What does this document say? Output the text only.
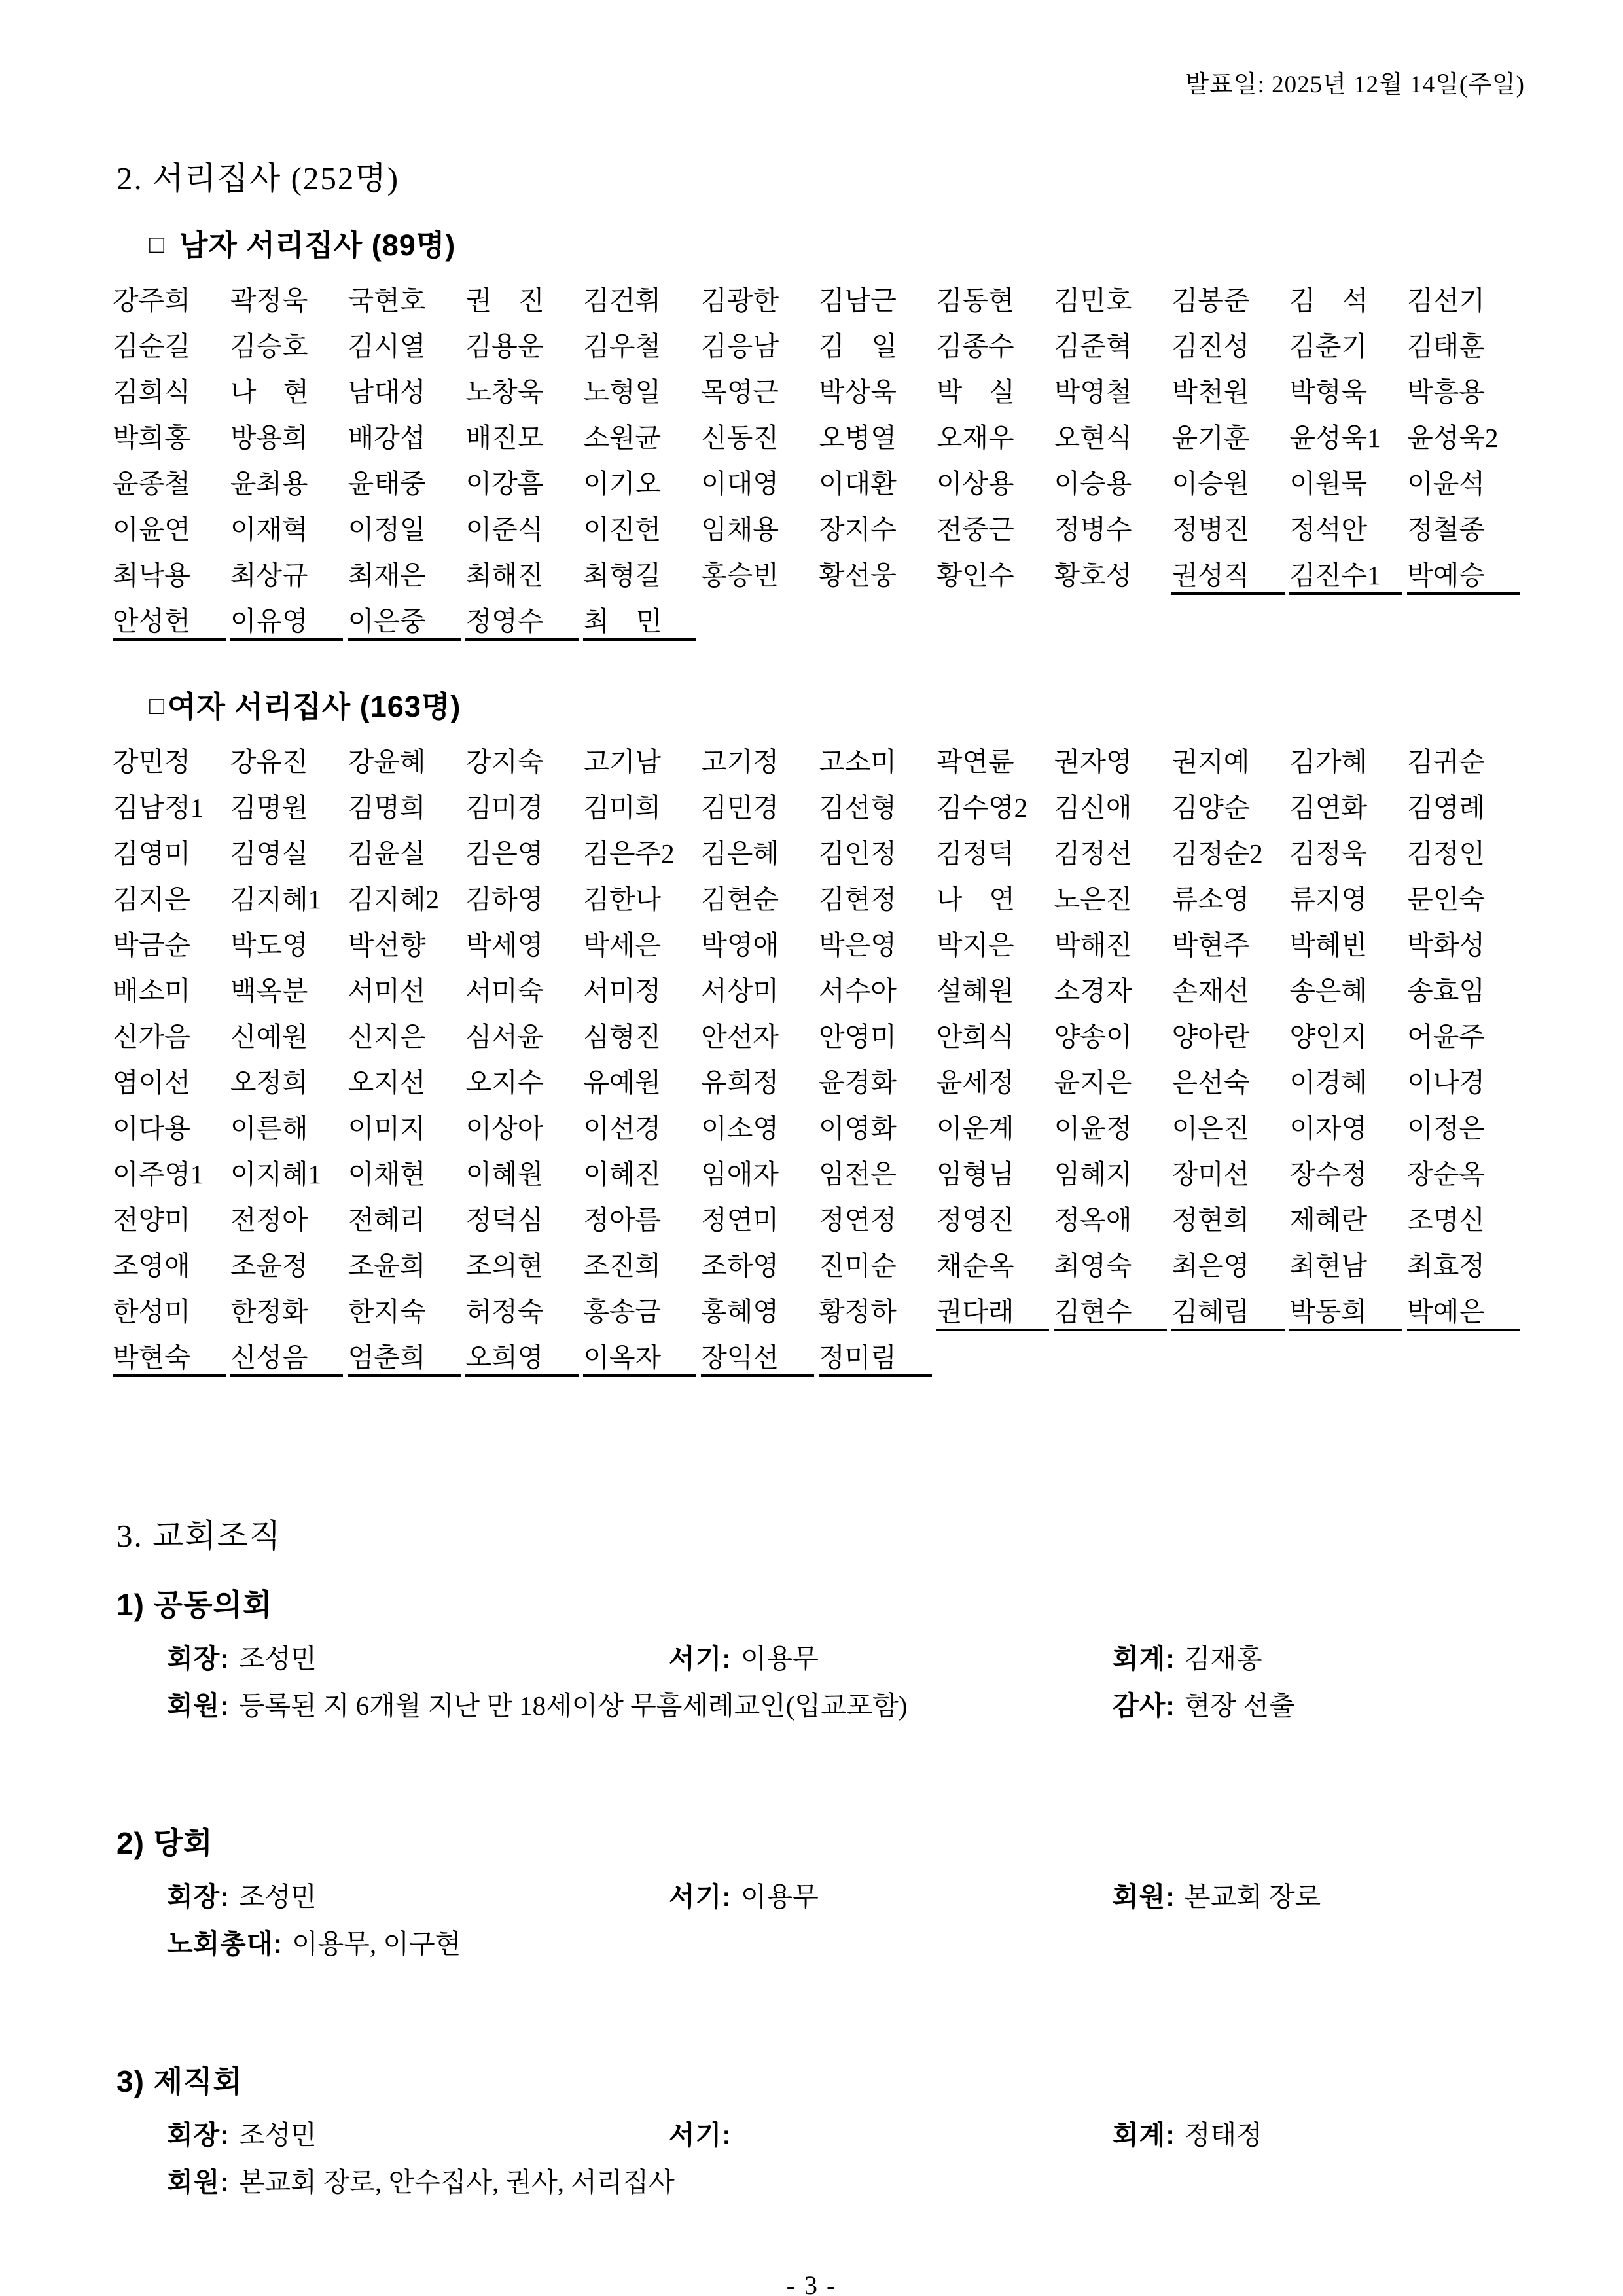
발표일: 2025년 12월 14일(주일)
2. 서리집사 (252명)
□ 남자 서리집사 (89명)
강주희	곽정욱	국현호	권　진	김건휘	김광한	김남근	김동현	김민호	김봉준	김　석	김선기
김순길	김승호	김시열	김용운	김우철	김응남	김　일	김종수	김준혁	김진성	김춘기	김태훈
김희식	나　현	남대성	노창욱	노형일	목영근	박상욱	박　실	박영철	박천원	박형욱	박흥용
박희홍	방용희	배강섭	배진모	소원균	신동진	오병열	오재우	오현식	윤기훈	윤성욱1 윤성욱2
윤종철	윤최용	윤태중	이강흠	이기오	이대영	이대환	이상용	이승용	이승원	이원묵	이윤석
이윤연	이재혁	이정일	이준식	이진헌	임채용	장지수	전중근	정병수	정병진	정석안	정철종
최낙용	최상규	최재은	최해진	최형길	홍승빈	황선웅	황인수	황호성	권성직	김진수1 박예승
안성헌	이유영	이은중	정영수	최　민
□여자 서리집사 (163명)
강민정	강유진	강윤혜	강지숙	고기남	고기정	고소미	곽연륜	권자영	권지예	김가혜	김귀순
김남정1 김명원	김명희	김미경	김미희	김민경	김선형	김수영2 김신애	김양순	김연화	김영례
김영미	김영실	김윤실	김은영	김은주2 김은혜	김인정	김정덕	김정선	김정순2 김정욱	김정인
김지은	김지혜1 김지혜2 김하영	김한나	김현순	김현정	나　연	노은진	류소영	류지영	문인숙
박금순	박도영	박선향	박세영	박세은	박영애	박은영	박지은	박해진	박현주	박혜빈	박화성
배소미	백옥분	서미선	서미숙	서미정	서상미	서수아	설혜원	소경자	손재선	송은혜	송효임
신가음	신예원	신지은	심서윤	심형진	안선자	안영미	안희식	양송이	양아란	양인지	어윤주
염이선	오정희	오지선	오지수	유예원	유희정	윤경화	윤세정	윤지은	은선숙	이경혜	이나경
이다용	이른해	이미지	이상아	이선경	이소영	이영화	이운계	이윤정	이은진	이자영	이정은
이주영1 이지혜1 이채현	이혜원	이혜진	임애자	임전은	임형님	임혜지	장미선	장수정	장순옥
전양미	전정아	전혜리	정덕심	정아름	정연미	정연정	정영진	정옥애	정현희	제혜란	조명신
조영애	조윤정	조윤희	조의현	조진희	조하영	진미순	채순옥	최영숙	최은영	최현남	최효정
한성미	한정화	한지숙	허정숙	홍송금	홍혜영	황정하	권다래	김현수	김혜림	박동희	박예은
박현숙	신성음	엄춘희	오희영	이옥자	장익선	정미림
3. 교회조직
1) 공동의회
회장: 조성민	서기: 이용무	회계: 김재홍
회원: 등록된 지 6개월 지난 만 18세이상 무흠세례교인(입교포함)	감사: 현장 선출
2) 당회
회장: 조성민	서기: 이용무	회원: 본교회 장로
노회총대: 이용무, 이구현
3) 제직회
회장: 조성민	서기:	회계: 정태정
회원: 본교회 장로, 안수집사, 권사, 서리집사
- 3 -
